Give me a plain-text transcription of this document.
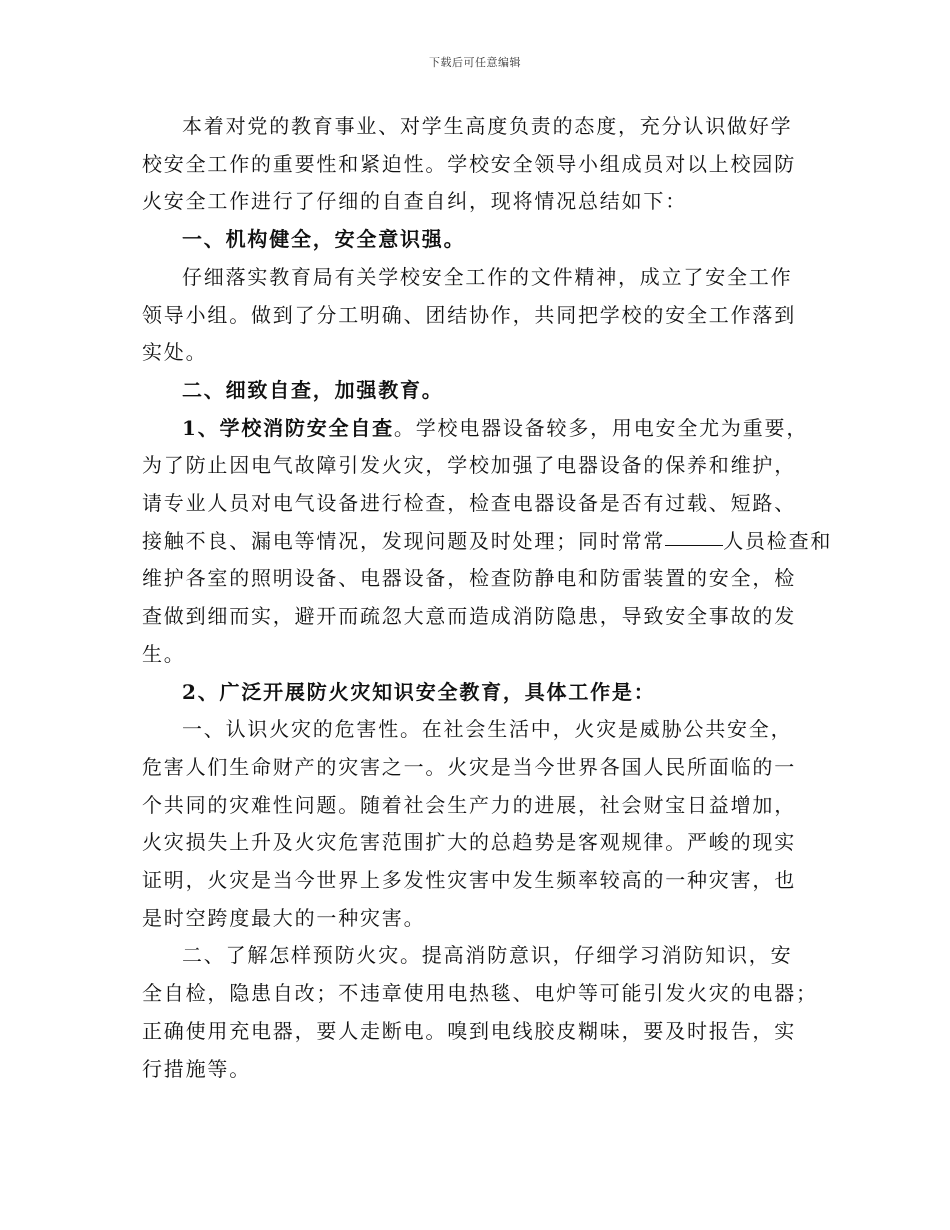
下载后可任意编辑

本着对党的教育事业、对学生高度负责的态度，充分认识做好学
校安全工作的重要性和紧迫性。学校安全领导小组成员对以上校园防
火安全工作进行了仔细的自查自纠，现将情况总结如下：

一、机构健全，安全意识强。

仔细落实教育局有关学校安全工作的文件精神，成立了安全工作
领导小组。做到了分工明确、团结协作，共同把学校的安全工作落到
实处。

二、细致自查，加强教育。

1、学校消防安全自查。学校电器设备较多，用电安全尤为重要，
为了防止因电气故障引发火灾，学校加强了电器设备的保养和维护，
请专业人员对电气设备进行检查，检查电器设备是否有过载、短路、
接触不良、漏电等情况，发现问题及时处理；同时常常	人员检查和
维护各室的照明设备、电器设备，检查防静电和防雷装置的安全，检
查做到细而实，避开而疏忽大意而造成消防隐患，导致安全事故的发
生。

2、广泛开展防火灾知识安全教育，具体工作是：

一、认识火灾的危害性。在社会生活中，火灾是威胁公共安全，
危害人们生命财产的灾害之一。火灾是当今世界各国人民所面临的一
个共同的灾难性问题。随着社会生产力的进展，社会财宝日益增加，
火灾损失上升及火灾危害范围扩大的总趋势是客观规律。严峻的现实
证明，火灾是当今世界上多发性灾害中发生频率较高的一种灾害，也
是时空跨度最大的一种灾害。

二、了解怎样预防火灾。提高消防意识，仔细学习消防知识，安
全自检，隐患自改；不违章使用电热毯、电炉等可能引发火灾的电器；
正确使用充电器，要人走断电。嗅到电线胶皮糊味，要及时报告，实
行措施等。
